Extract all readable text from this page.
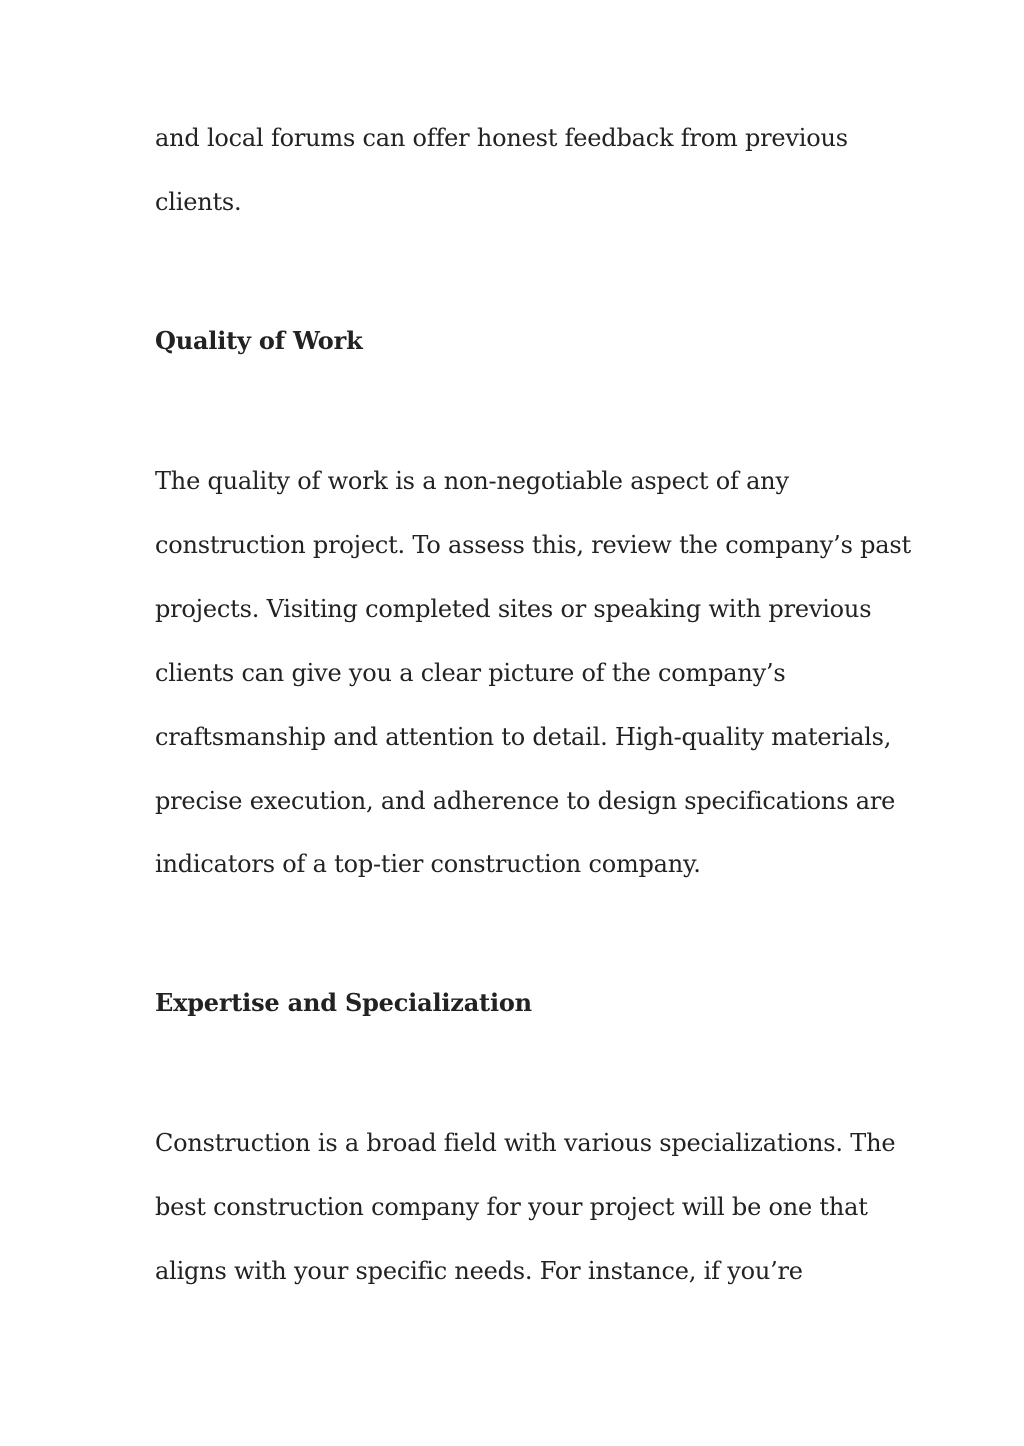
and local forums can offer honest feedback from previous
clients.
Quality of Work
The quality of work is a non-negotiable aspect of any
construction project. To assess this, review the company’s past
projects. Visiting completed sites or speaking with previous
clients can give you a clear picture of the company’s
craftsmanship and attention to detail. High-quality materials,
precise execution, and adherence to design specifications are
indicators of a top-tier construction company.
Expertise and Specialization
Construction is a broad field with various specializations. The
best construction company for your project will be one that
aligns with your specific needs. For instance, if you’re
